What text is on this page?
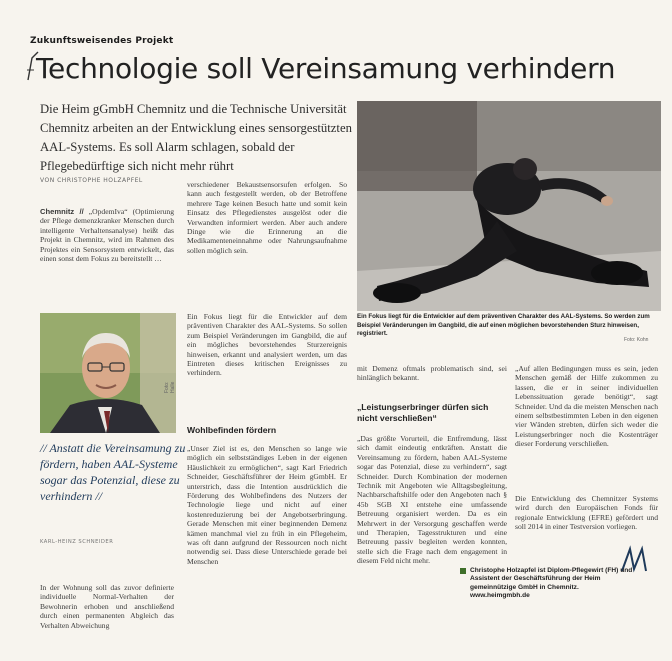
Zukunftsweisendes Projekt
Technologie soll Vereinsamung verhindern
Die Heim gGmbH Chemnitz und die Technische Universität Chemnitz arbeiten an der Entwicklung eines sensorgestützten AAL-Systems. Es soll Alarm schlagen, sobald der Pflegebedürftige sich nicht mehr rührt
VON CHRISTOPHE HOLZAPFEL
Chemnitz // „OpdemIva“ (Optimierung der Pflege demenzkranker Menschen durch intelligente Verhaltensanalyse) heißt das Projekt in Chemnitz, wird im Rahmen des Projektes ein Sensorsystem entwickelt, das einen sonst dem Fokus zu bereitstellt …
Foto: Halle
// Anstatt die Vereinsamung zu fördern, haben AAL-Systeme sogar das Potenzial, diese zu verhindern //
KARL-HEINZ SCHNEIDER
In der Wohnung soll das zuvor definierte individuelle Normal-Verhalten der Bewohnerin erhoben und anschließend durch einen permanenten Abgleich das Verhalten Abweichung
verschiedener Bekaustsensorsufen erfolgen. So kann auch festgestellt werden, ob der Betroffene mehrere Tage keinen Besuch hatte und somit kein Einsatz des Pflegedienstes ausgelöst oder die Verwandten informiert werden. Aber auch andere Dinge wie die Erinnerung an die Medikamenteneinnahme oder Nahrungsaufnahme sollen möglich sein.
Ein Fokus liegt für die Entwickler auf dem präventiven Charakter des AAL-Systems. So sollen zum Beispiel Veränderungen im Gangbild, die auf ein mögliches bevorstehendes Sturzereignis hinweisen, erkannt und analysiert werden, um das Eintreten dieses kritischen Ereignisses zu verhindern.
Wohlbefinden fördern
„Unser Ziel ist es, den Menschen so lange wie möglich ein selbstständiges Leben in der eigenen Häuslichkeit zu ermöglichen“, sagt Karl Friedrich Schneider, Geschäftsführer der Heim gGmbH. Er unterstrich, dass die Intention ausdrücklich die Förderung des Wohlbefindens des Nutzers der Technologie liege und nicht auf einer kostenreduzierung bei der Angebotserbringung. Gerade Menschen mit einer beginnenden Demenz kämen manchmal viel zu früh in ein Pflegeheim, was oft dann aufgrund der Ressourcen noch nicht notwendig sei. Dass diese Unterschiede gerade bei Menschen
Ein Fokus liegt für die Entwickler auf dem präventiven Charakter des AAL-Systems. So werden zum Beispiel Veränderungen im Gangbild, die auf einen möglichen bevorstehenden Sturz hinweisen, registriert.
Foto: Kohn
mit Demenz oftmals problematisch sind, sei hinlänglich bekannt.
„Leistungserbringer dürfen sich nicht verschließen“
„Das größte Vorurteil, die Entfremdung, lässt sich damit eindeutig entkräften. Anstatt die Vereinsamung zu fördern, haben AAL-Systeme sogar das Potenzial, diese zu verhindern“, sagt Schneider. Durch Kombination der modernen Technik mit Angeboten wie Alltagsbegleitung, Nachbarschaftshilfe oder den Angeboten nach § 45b SGB XI entstehe eine umfassende Betreuung organisiert werden. Da es ein Mehrwert in der Versorgung geschaffen werde und Therapien, Tagesstrukturen und eine Betreuung passiv begleiten werden konnten, stelle sich die Frage nach dem engagement in diesem Feld nicht mehr.
„Auf allen Bedingungen muss es sein, jeden Menschen gemäß der Hilfe zukommen zu lassen, die er in seiner individuellen Lebenssituation gerade benötigt“, sagt Schneider. Und da die meisten Menschen nach einem selbstbestimmten Leben in den eigenen vier Wänden strebten, dürfen sich weder die Leistungserbringer noch die Kostenträger dieser Forderung verschließen.
Die Entwicklung des Chemnitzer Systems wird durch den Europäischen Fonds für regionale Entwicklung (EFRE) gefördert und soll 2014 in einer Testversion vorliegen.
Christophe Holzapfel ist Diplom-Pflegewirt (FH) und Assistent der Geschäftsführung der Heim gemeinnützige GmbH in Chemnitz.
www.heimgmbh.de
